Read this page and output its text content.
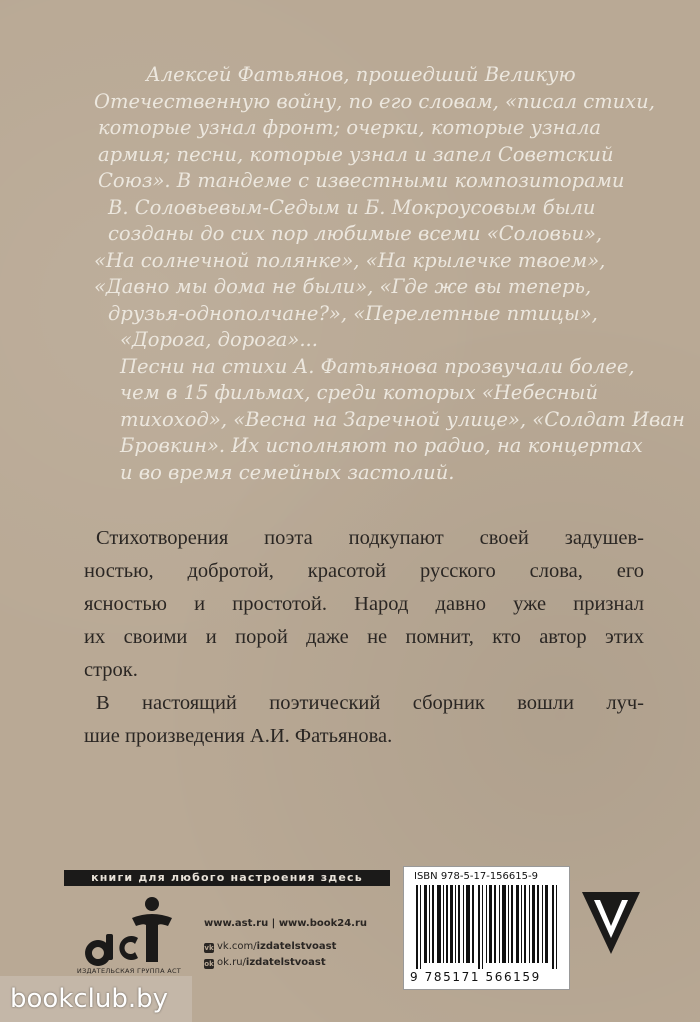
Алексей Фатьянов, прошедший Великую
Отечественную войну, по его словам, «писал стихи,
которые узнал фронт; очерки, которые узнала
армия; песни, которые узнал и запел Советский
Союз». В тандеме с известными композиторами
В. Соловьевым-Седым и Б. Мокроусовым были
созданы до сих пор любимые всеми «Соловьи»,
«На солнечной полянке», «На крылечке твоем»,
«Давно мы дома не были», «Где же вы теперь,
друзья-однополчане?», «Перелетные птицы»,
«Дорога, дорога»...
Песни на стихи А. Фатьянова прозвучали более,
чем в 15 фильмах, среди которых «Небесный
тихоход», «Весна на Заречной улице», «Солдат Иван
Бровкин». Их исполняют по радио, на концертах
и во время семейных застолий.
Стихотворения поэта подкупают своей задушев-
ностью, добротой, красотой русского слова, его
ясностью и простотой. Народ давно уже признал
их своими и порой даже не помнит, кто автор этих
строк.
В настоящий поэтический сборник вошли луч-
шие произведения А.И. Фатьянова.
книги для любого настроения здесь
ИЗДАТЕЛЬСКАЯ ГРУППА АСТ
www.ast.ru | www.book24.ru
vk vk.com/izdatelstvoast
ok ok.ru/izdatelstvoast
ISBN 978-5-17-156615-9
9 785171 566159
bookclub.by
